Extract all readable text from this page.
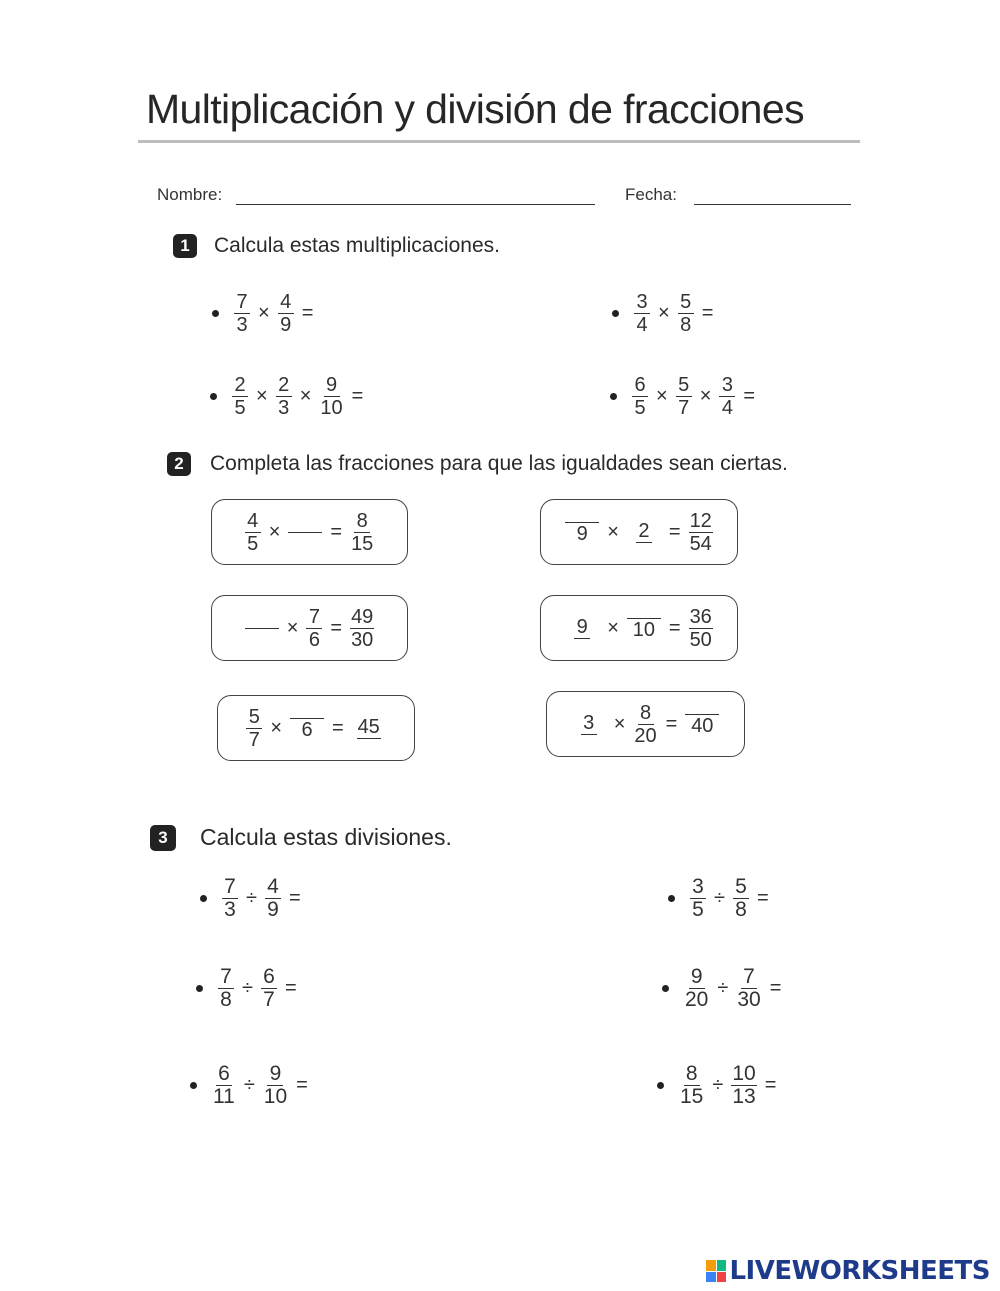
Multiplicación y división de fracciones
Nombre:	Fecha:
1	Calcula estas multiplicaciones.
$\frac{7}{3} \times \frac{4}{9}$ =	$\frac{3}{4} \times \frac{5}{8}$ =
$\frac{2}{5} \times \frac{2}{3} \times \frac{9}{10}$ =	$\frac{6}{5} \times \frac{5}{7} \times \frac{3}{4}$ =
2	Completa las fracciones para que las igualdades sean ciertas.
$\frac{4}{5}$ ×	= $\frac{8}{15}$	$9 \times 2 = \frac{12}{54}$
× $\frac{7}{6} = \frac{49}{30}$	$9 \times 10 = \frac{36}{50}$
$\frac{5}{7} \times 6 = 45$	$3 \times \frac{8}{20} = 40$
3	Calcula estas divisiones.
$\frac{7}{3} \div \frac{4}{9}$ =	$\frac{3}{5} \div \frac{5}{8}$ =
$\frac{7}{8} \div \frac{6}{7}$ =	$\frac{9}{20} \div \frac{7}{30}$ =
$\frac{6}{11} \div \frac{9}{10}$ =	$\frac{8}{15} \div \frac{10}{13}$ =
LIVEWORKSHEETS
